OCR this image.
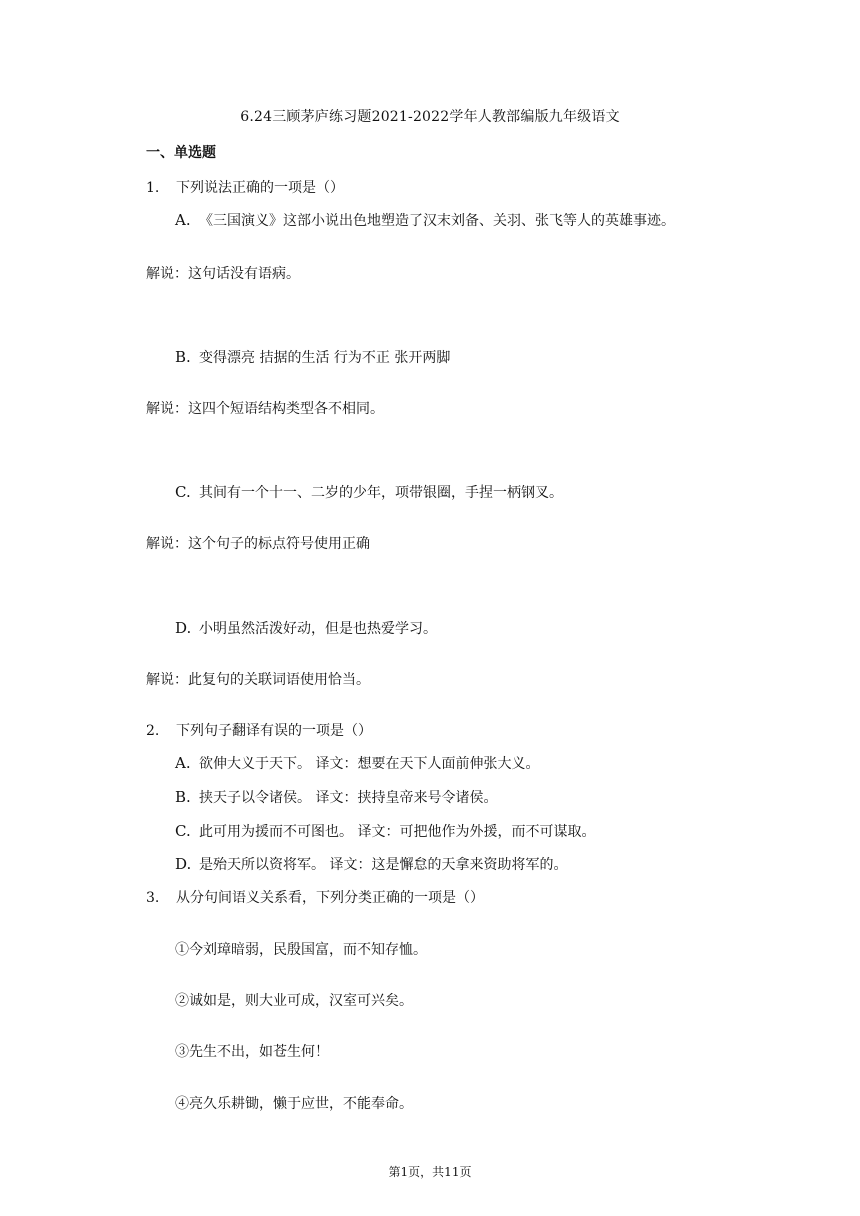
6.24三顾茅庐练习题2021-2022学年人教部编版九年级语文
一、单选题
1. 下列说法正确的一项是（）
A. 《三国演义》这部小说出色地塑造了汉末刘备、关羽、张飞等人的英雄事迹。
解说：这句话没有语病。
B. 变得漂亮 拮据的生活 行为不正 张开两脚
解说：这四个短语结构类型各不相同。
C. 其间有一个十一、二岁的少年，项带银圈，手捏一柄钢叉。
解说：这个句子的标点符号使用正确
D. 小明虽然活泼好动，但是也热爱学习。
解说：此复句的关联词语使用恰当。
2. 下列句子翻译有误的一项是（）
A. 欲伸大义于天下。 译文：想要在天下人面前伸张大义。
B. 挟天子以令诸侯。 译文：挟持皇帝来号令诸侯。
C. 此可用为援而不可图也。 译文：可把他作为外援，而不可谋取。
D. 是殆天所以资将军。 译文：这是懈怠的天拿来资助将军的。
3. 从分句间语义关系看，下列分类正确的一项是（）
①今刘璋暗弱，民殷国富，而不知存恤。
②诚如是，则大业可成，汉室可兴矣。
③先生不出，如苍生何！
④亮久乐耕锄，懒于应世，不能奉命。
第1页，共11页
